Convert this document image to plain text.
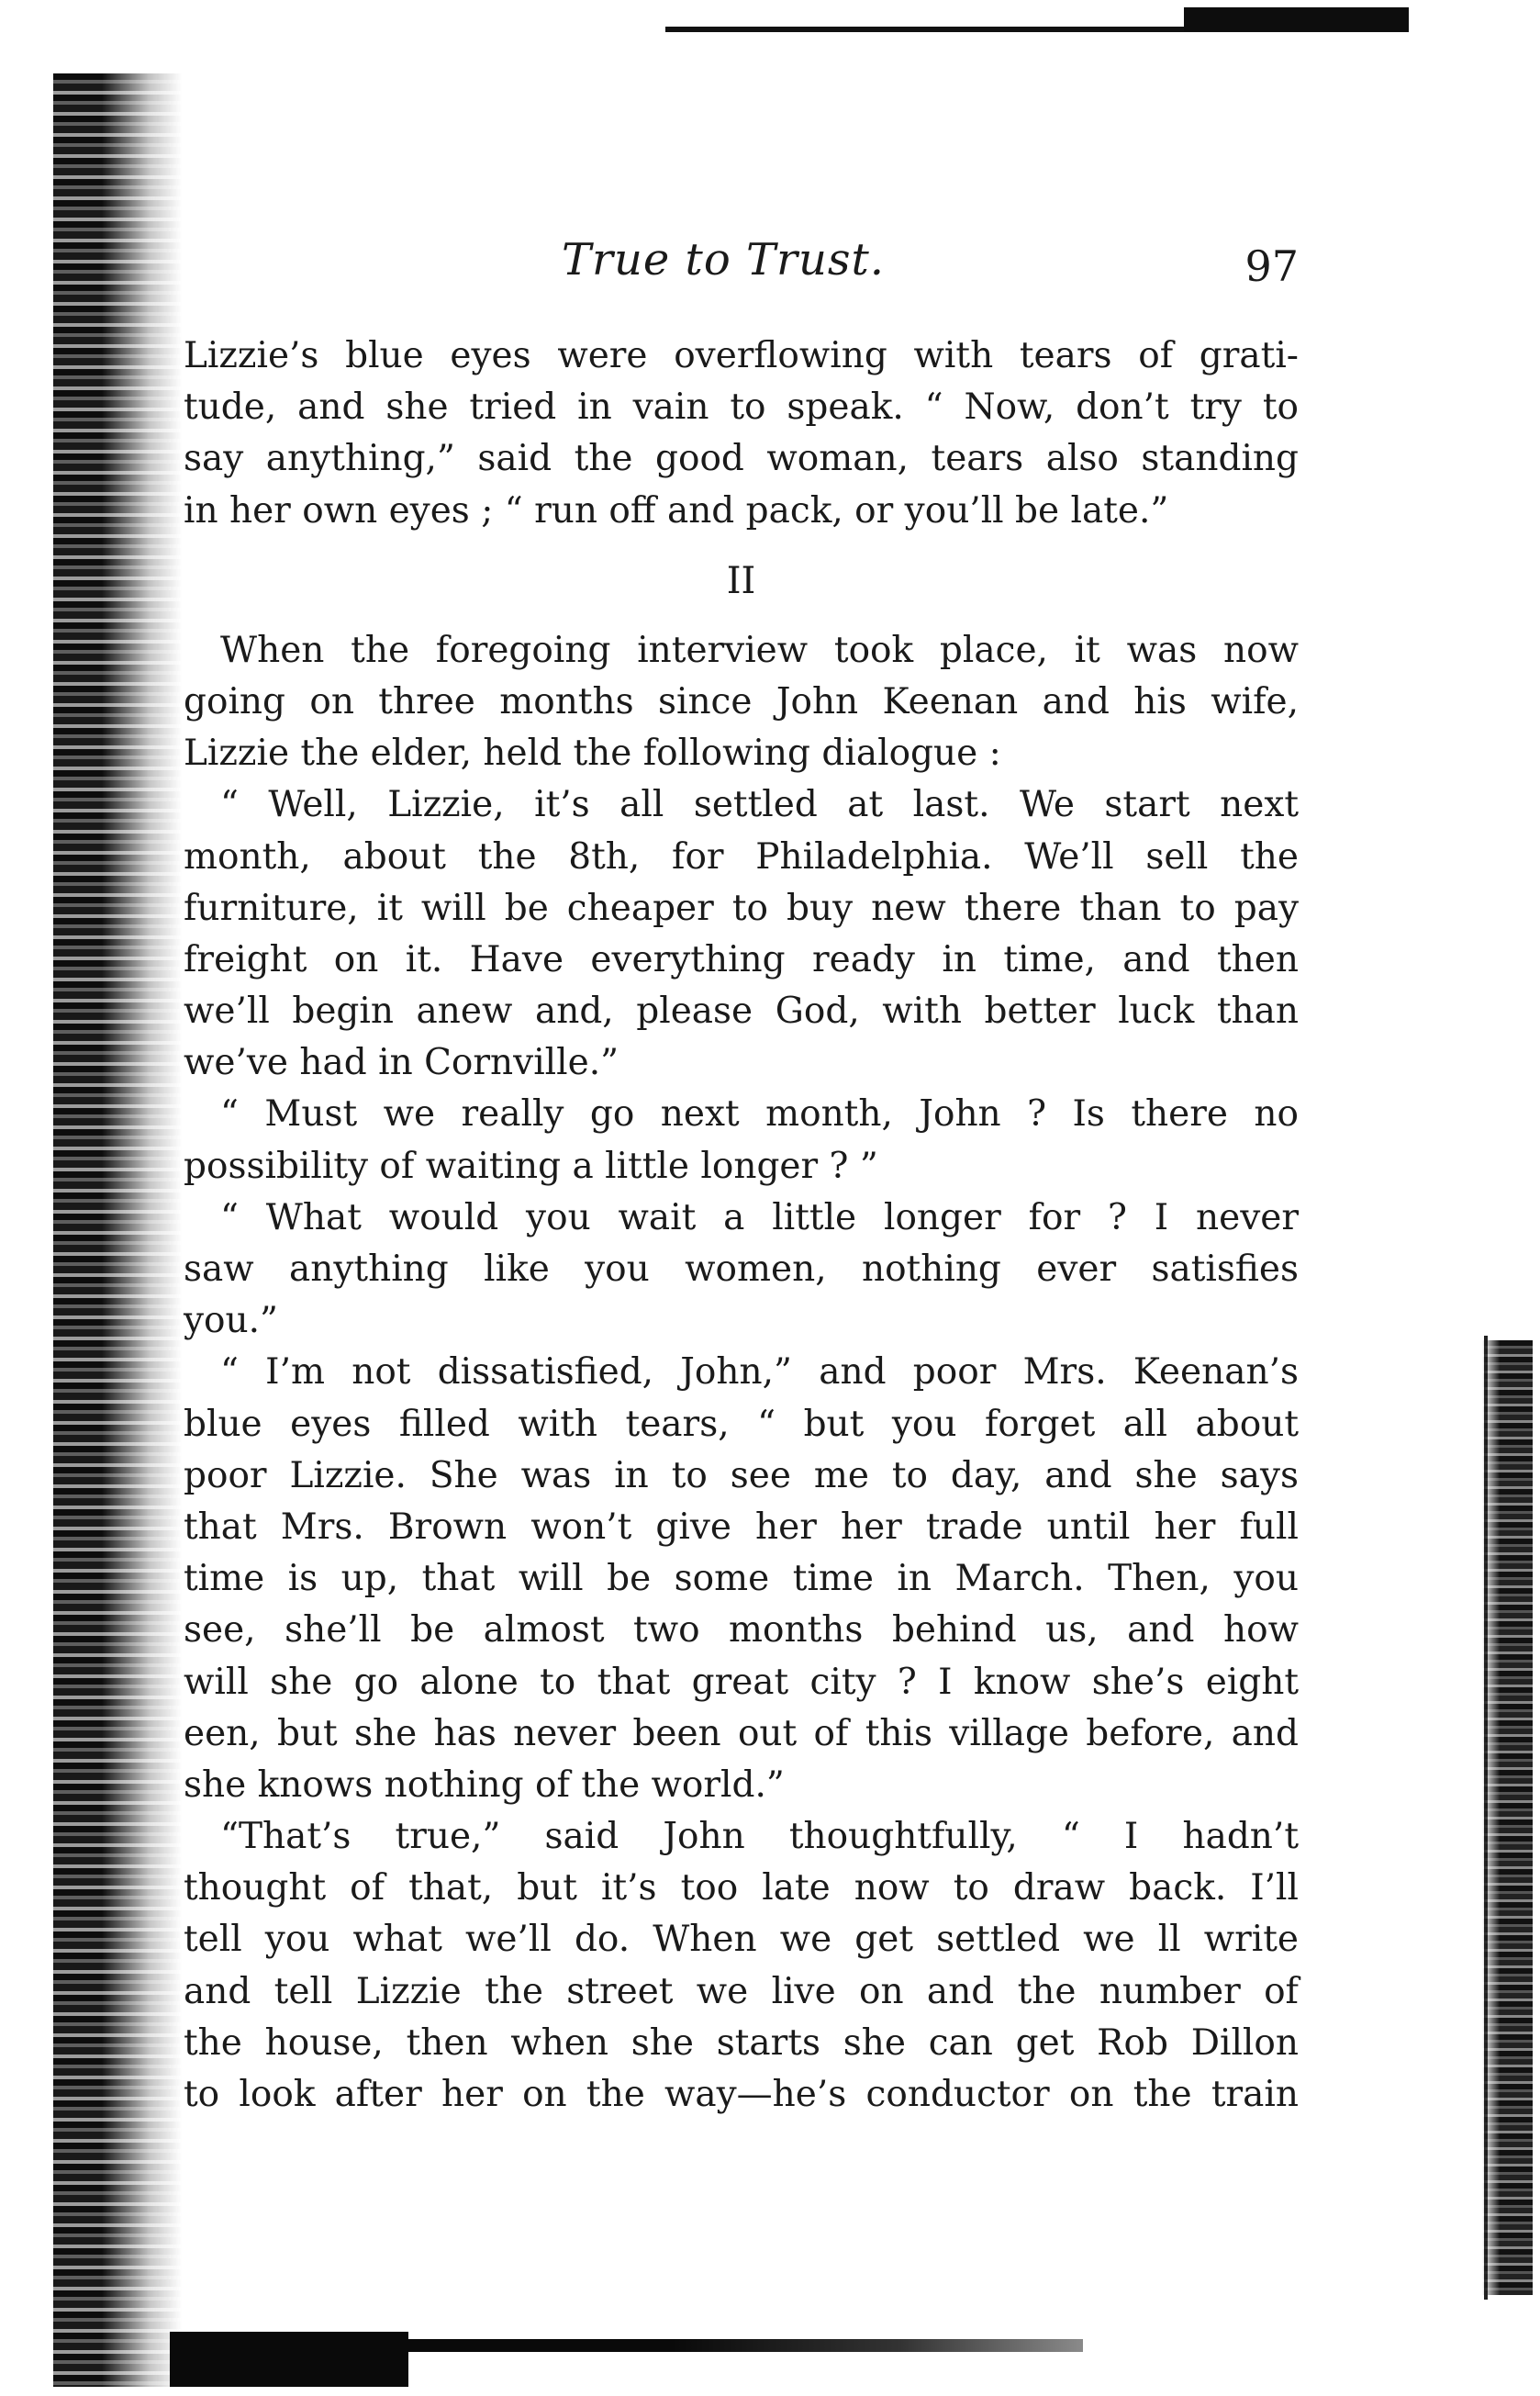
True to Trust.	97
Lizzie’s blue eyes were overflowing with tears of grati-
tude, and she tried in vain to speak. “ Now, don’t try to
say anything,” said the good woman, tears also standing
in her own eyes ; “ run off and pack, or you’ll be late.”
II
When the foregoing interview took place, it was now
going on three months since John Keenan and his wife,
Lizzie the elder, held the following dialogue :
“ Well, Lizzie, it’s all settled at last. We start next
month, about the 8th, for Philadelphia. We’ll sell the
furniture, it will be cheaper to buy new there than to pay
freight on it. Have everything ready in time, and then
we’ll begin anew and, please God, with better luck than
we’ve had in Cornville.”
“ Must we really go next month, John ? Is there no
possibility of waiting a little longer ? ”
“ What would you wait a little longer for ? I never
saw anything like you women, nothing ever satisfies
you.”
“ I’m not dissatisfied, John,” and poor Mrs. Keenan’s
blue eyes filled with tears, “ but you forget all about
poor Lizzie. She was in to see me to day, and she says
that Mrs. Brown won’t give her her trade until her full
time is up, that will be some time in March. Then, you
see, she’ll be almost two months behind us, and how
will she go alone to that great city ? I know she’s eight
een, but she has never been out of this village before, and
she knows nothing of the world.”
“That’s true,” said John thoughtfully, “ I hadn’t
thought of that, but it’s too late now to draw back. I’ll
tell you what we’ll do. When we get settled we ll write
and tell Lizzie the street we live on and the number of
the house, then when she starts she can get Rob Dillon
to look after her on the way—he’s conductor on the train
